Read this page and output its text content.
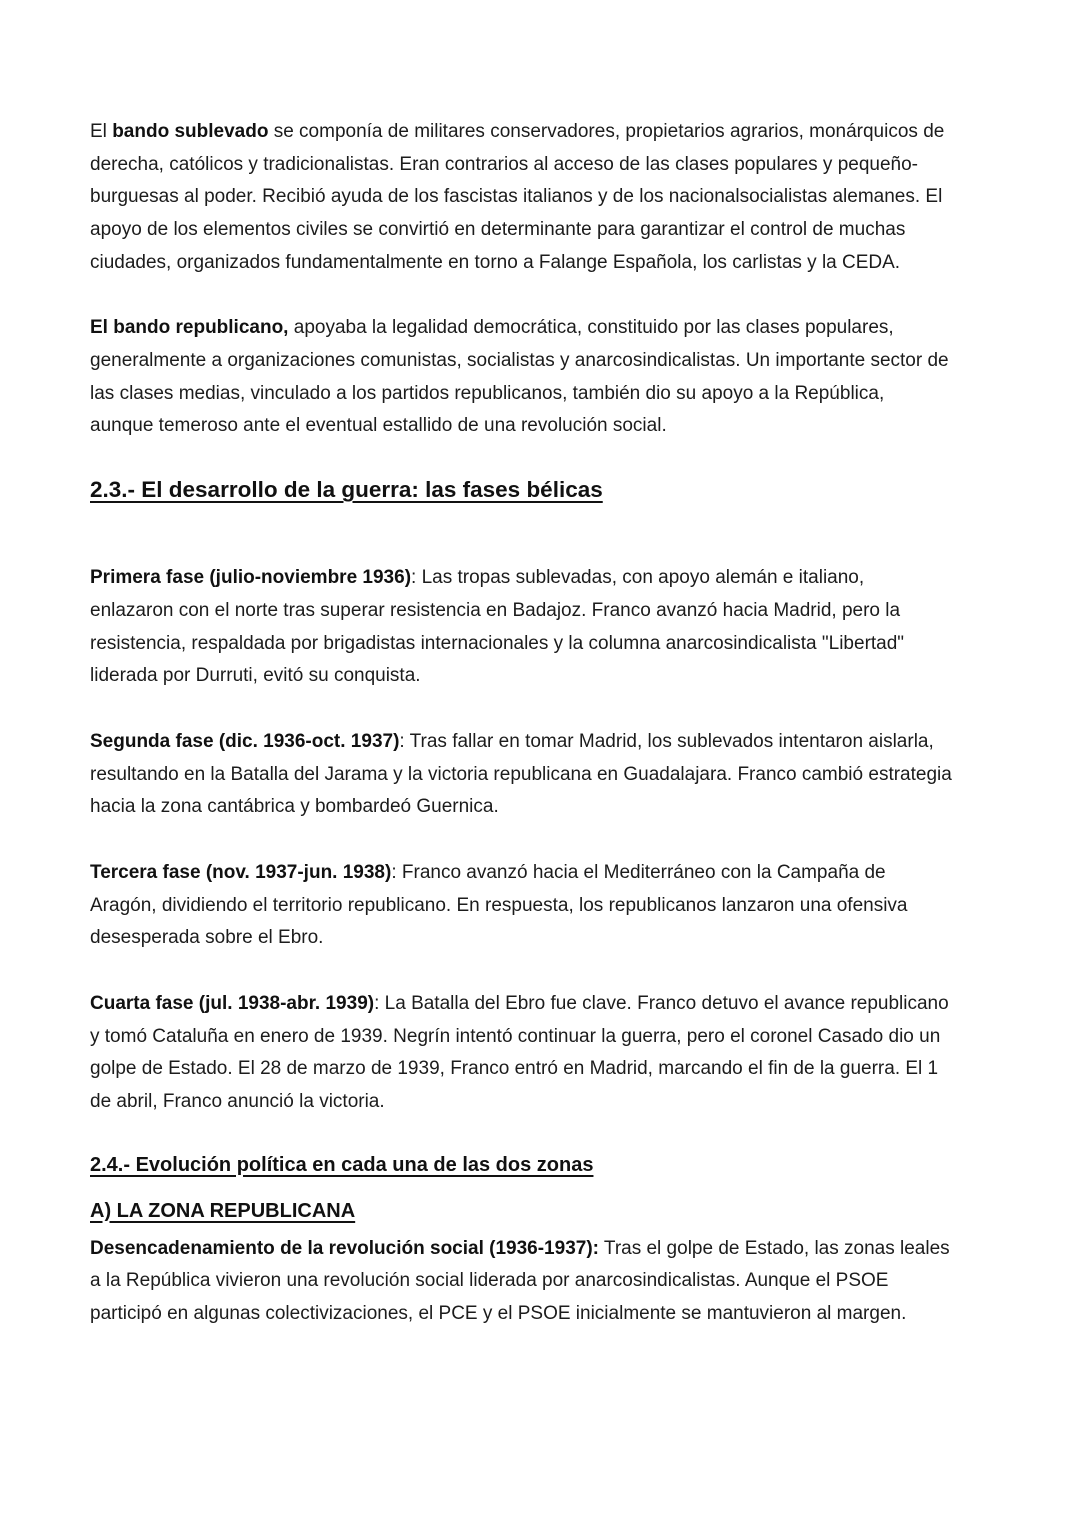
El bando sublevado se componía de militares conservadores, propietarios agrarios, monárquicos de derecha, católicos y tradicionalistas. Eran contrarios al acceso de las clases populares y pequeño-burguesas al poder. Recibió ayuda de los fascistas italianos y de los nacionalsocialistas alemanes. El apoyo de los elementos civiles se convirtió en determinante para garantizar el control de muchas ciudades, organizados fundamentalmente en torno a Falange Española, los carlistas y la CEDA.

El bando republicano, apoyaba la legalidad democrática, constituido por las clases populares, generalmente a organizaciones comunistas, socialistas y anarcosindicalistas. Un importante sector de las clases medias, vinculado a los partidos republicanos, también dio su apoyo a la República, aunque temeroso ante el eventual estallido de una revolución social.

2.3.- El desarrollo de la guerra: las fases bélicas

Primera fase (julio-noviembre 1936): Las tropas sublevadas, con apoyo alemán e italiano, enlazaron con el norte tras superar resistencia en Badajoz. Franco avanzó hacia Madrid, pero la resistencia, respaldada por brigadistas internacionales y la columna anarcosindicalista "Libertad" liderada por Durruti, evitó su conquista.

Segunda fase (dic. 1936-oct. 1937): Tras fallar en tomar Madrid, los sublevados intentaron aislarla, resultando en la Batalla del Jarama y la victoria republicana en Guadalajara. Franco cambió estrategia hacia la zona cantábrica y bombardeó Guernica.

Tercera fase (nov. 1937-jun. 1938): Franco avanzó hacia el Mediterráneo con la Campaña de Aragón, dividiendo el territorio republicano. En respuesta, los republicanos lanzaron una ofensiva desesperada sobre el Ebro.

Cuarta fase (jul. 1938-abr. 1939): La Batalla del Ebro fue clave. Franco detuvo el avance republicano y tomó Cataluña en enero de 1939. Negrín intentó continuar la guerra, pero el coronel Casado dio un golpe de Estado. El 28 de marzo de 1939, Franco entró en Madrid, marcando el fin de la guerra. El 1 de abril, Franco anunció la victoria.

2.4.- Evolución política en cada una de las dos zonas
A) LA ZONA REPUBLICANA

Desencadenamiento de la revolución social (1936-1937): Tras el golpe de Estado, las zonas leales a la República vivieron una revolución social liderada por anarcosindicalistas. Aunque el PSOE participó en algunas colectivizaciones, el PCE y el PSOE inicialmente se mantuvieron al margen.
